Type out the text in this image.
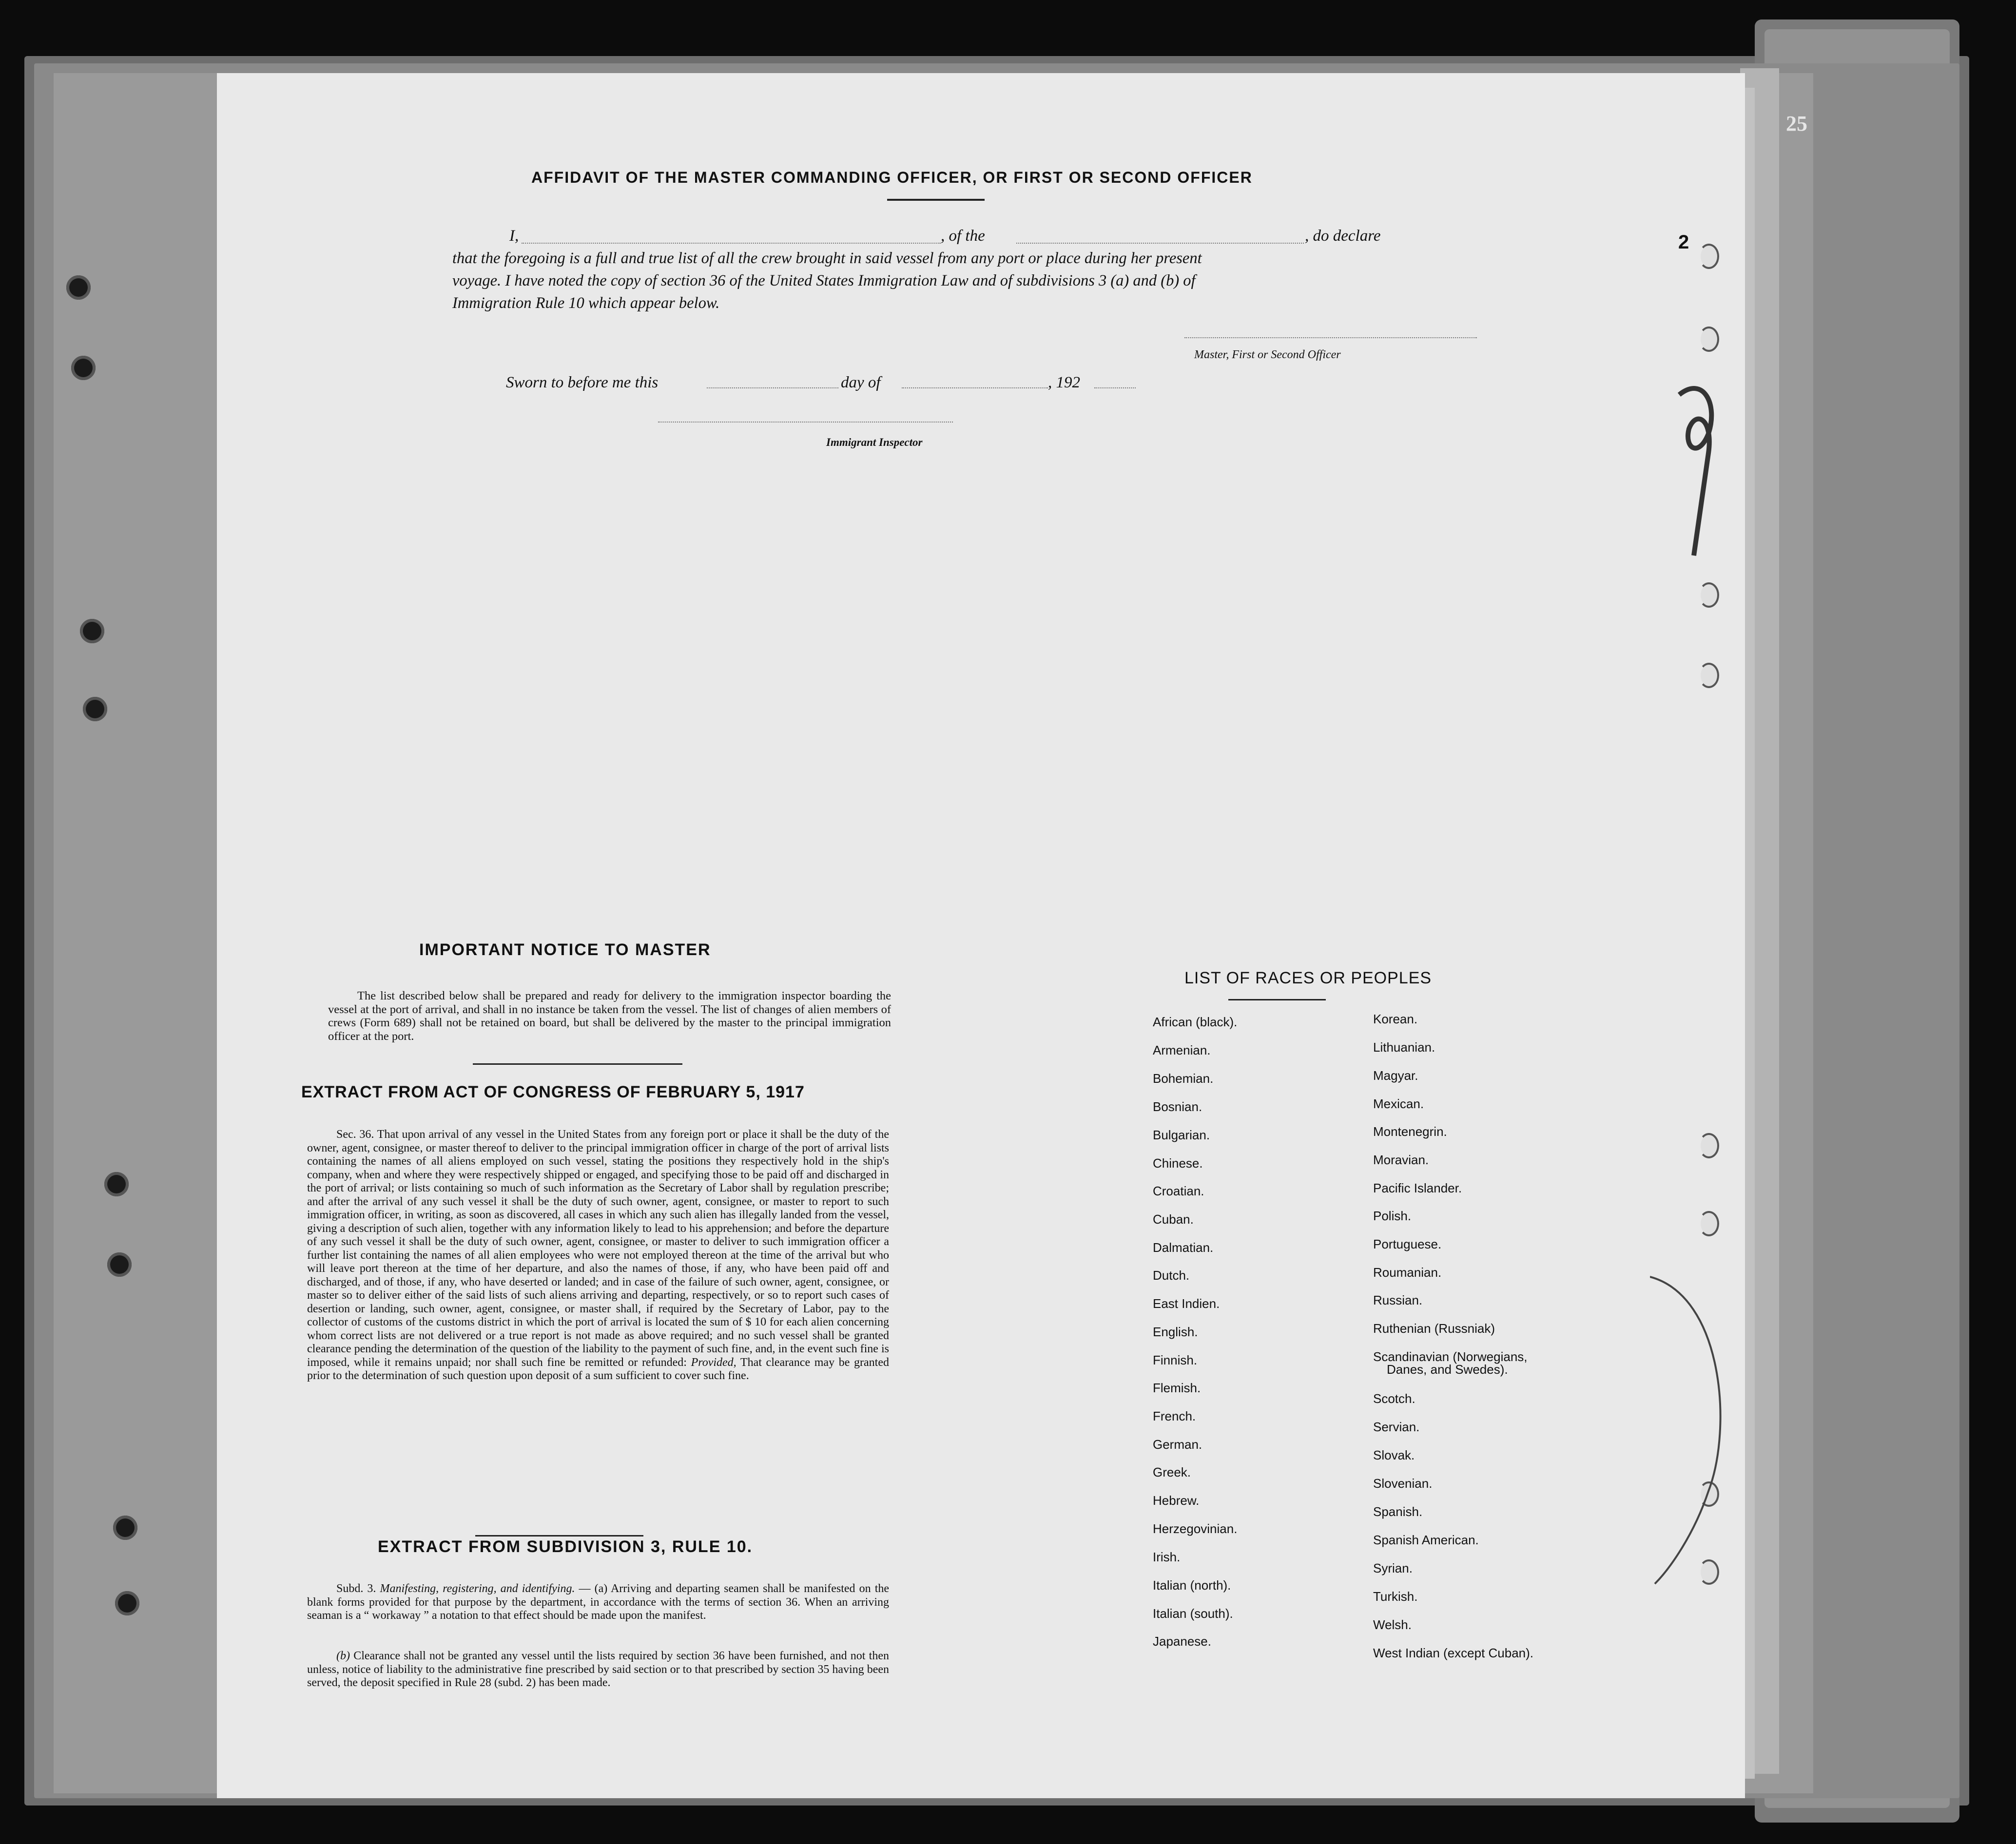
25
2
AFFIDAVIT OF THE MASTER COMMANDING OFFICER, OR FIRST OR SECOND OFFICER
I,	, of the	, do declare
that the foregoing is a full and true list of all the crew brought in said vessel from any port or place during her present
voyage. I have noted the copy of section 36 of the United States Immigration Law and of subdivisions 3 (a) and (b) of
Immigration Rule 10 which appear below.
Master, First or Second Officer
Sworn to before me this	day of	, 192
Immigrant Inspector
IMPORTANT NOTICE TO MASTER
The list described below shall be prepared and ready for delivery to the immigration inspector boarding the vessel at the port of arrival, and shall in no instance be taken from the vessel. The list of changes of alien members of crews (Form 689) shall not be retained on board, but shall be delivered by the master to the principal immigration officer at the port.
EXTRACT FROM ACT OF CONGRESS OF FEBRUARY 5, 1917
Sec. 36. That upon arrival of any vessel in the United States from any foreign port or place it shall be the duty of the owner, agent, consignee, or master thereof to deliver to the principal immigration officer in charge of the port of arrival lists containing the names of all aliens employed on such vessel, stating the positions they respectively hold in the ship's company, when and where they were respectively shipped or engaged, and specifying those to be paid off and discharged in the port of arrival; or lists containing so much of such information as the Secretary of Labor shall by regulation prescribe; and after the arrival of any such vessel it shall be the duty of such owner, agent, consignee, or master to report to such immigration officer, in writing, as soon as discovered, all cases in which any such alien has illegally landed from the vessel, giving a description of such alien, together with any information likely to lead to his apprehension; and before the departure of any such vessel it shall be the duty of such owner, agent, consignee, or master to deliver to such immigration officer a further list containing the names of all alien employees who were not employed thereon at the time of the arrival but who will leave port thereon at the time of her departure, and also the names of those, if any, who have been paid off and discharged, and of those, if any, who have deserted or landed; and in case of the failure of such owner, agent, consignee, or master so to deliver either of the said lists of such aliens arriving and departing, respectively, or so to report such cases of desertion or landing, such owner, agent, consignee, or master shall, if required by the Secretary of Labor, pay to the collector of customs of the customs district in which the port of arrival is located the sum of $ 10 for each alien concerning whom correct lists are not delivered or a true report is not made as above required; and no such vessel shall be granted clearance pending the determination of the question of the liability to the payment of such fine, and, in the event such fine is imposed, while it remains unpaid; nor shall such fine be remitted or refunded: Provided, That clearance may be granted prior to the determination of such question upon deposit of a sum sufficient to cover such fine.
EXTRACT FROM SUBDIVISION 3, RULE 10.
Subd. 3. Manifesting, registering, and identifying. — (a) Arriving and departing seamen shall be manifested on the blank forms provided for that purpose by the department, in accordance with the terms of section 36. When an arriving seaman is a “ workaway ” a notation to that effect should be made upon the manifest.
(b) Clearance shall not be granted any vessel until the lists required by section 36 have been furnished, and not then unless, notice of liability to the administrative fine prescribed by said section or to that prescribed by section 35 having been served, the deposit specified in Rule 28 (subd. 2) has been made.
LIST OF RACES OR PEOPLES
African (black).
Armenian.
Bohemian.
Bosnian.
Bulgarian.
Chinese.
Croatian.
Cuban.
Dalmatian.
Dutch.
East Indien.
English.
Finnish.
Flemish.
French.
German.
Greek.
Hebrew.
Herzegovinian.
Irish.
Italian (north).
Italian (south).
Japanese.
Korean.
Lithuanian.
Magyar.
Mexican.
Montenegrin.
Moravian.
Pacific Islander.
Polish.
Portuguese.
Roumanian.
Russian.
Ruthenian (Russniak)
Scandinavian (Norwegians,
Danes, and Swedes).
Scotch.
Servian.
Slovak.
Slovenian.
Spanish.
Spanish American.
Syrian.
Turkish.
Welsh.
West Indian (except Cuban).
